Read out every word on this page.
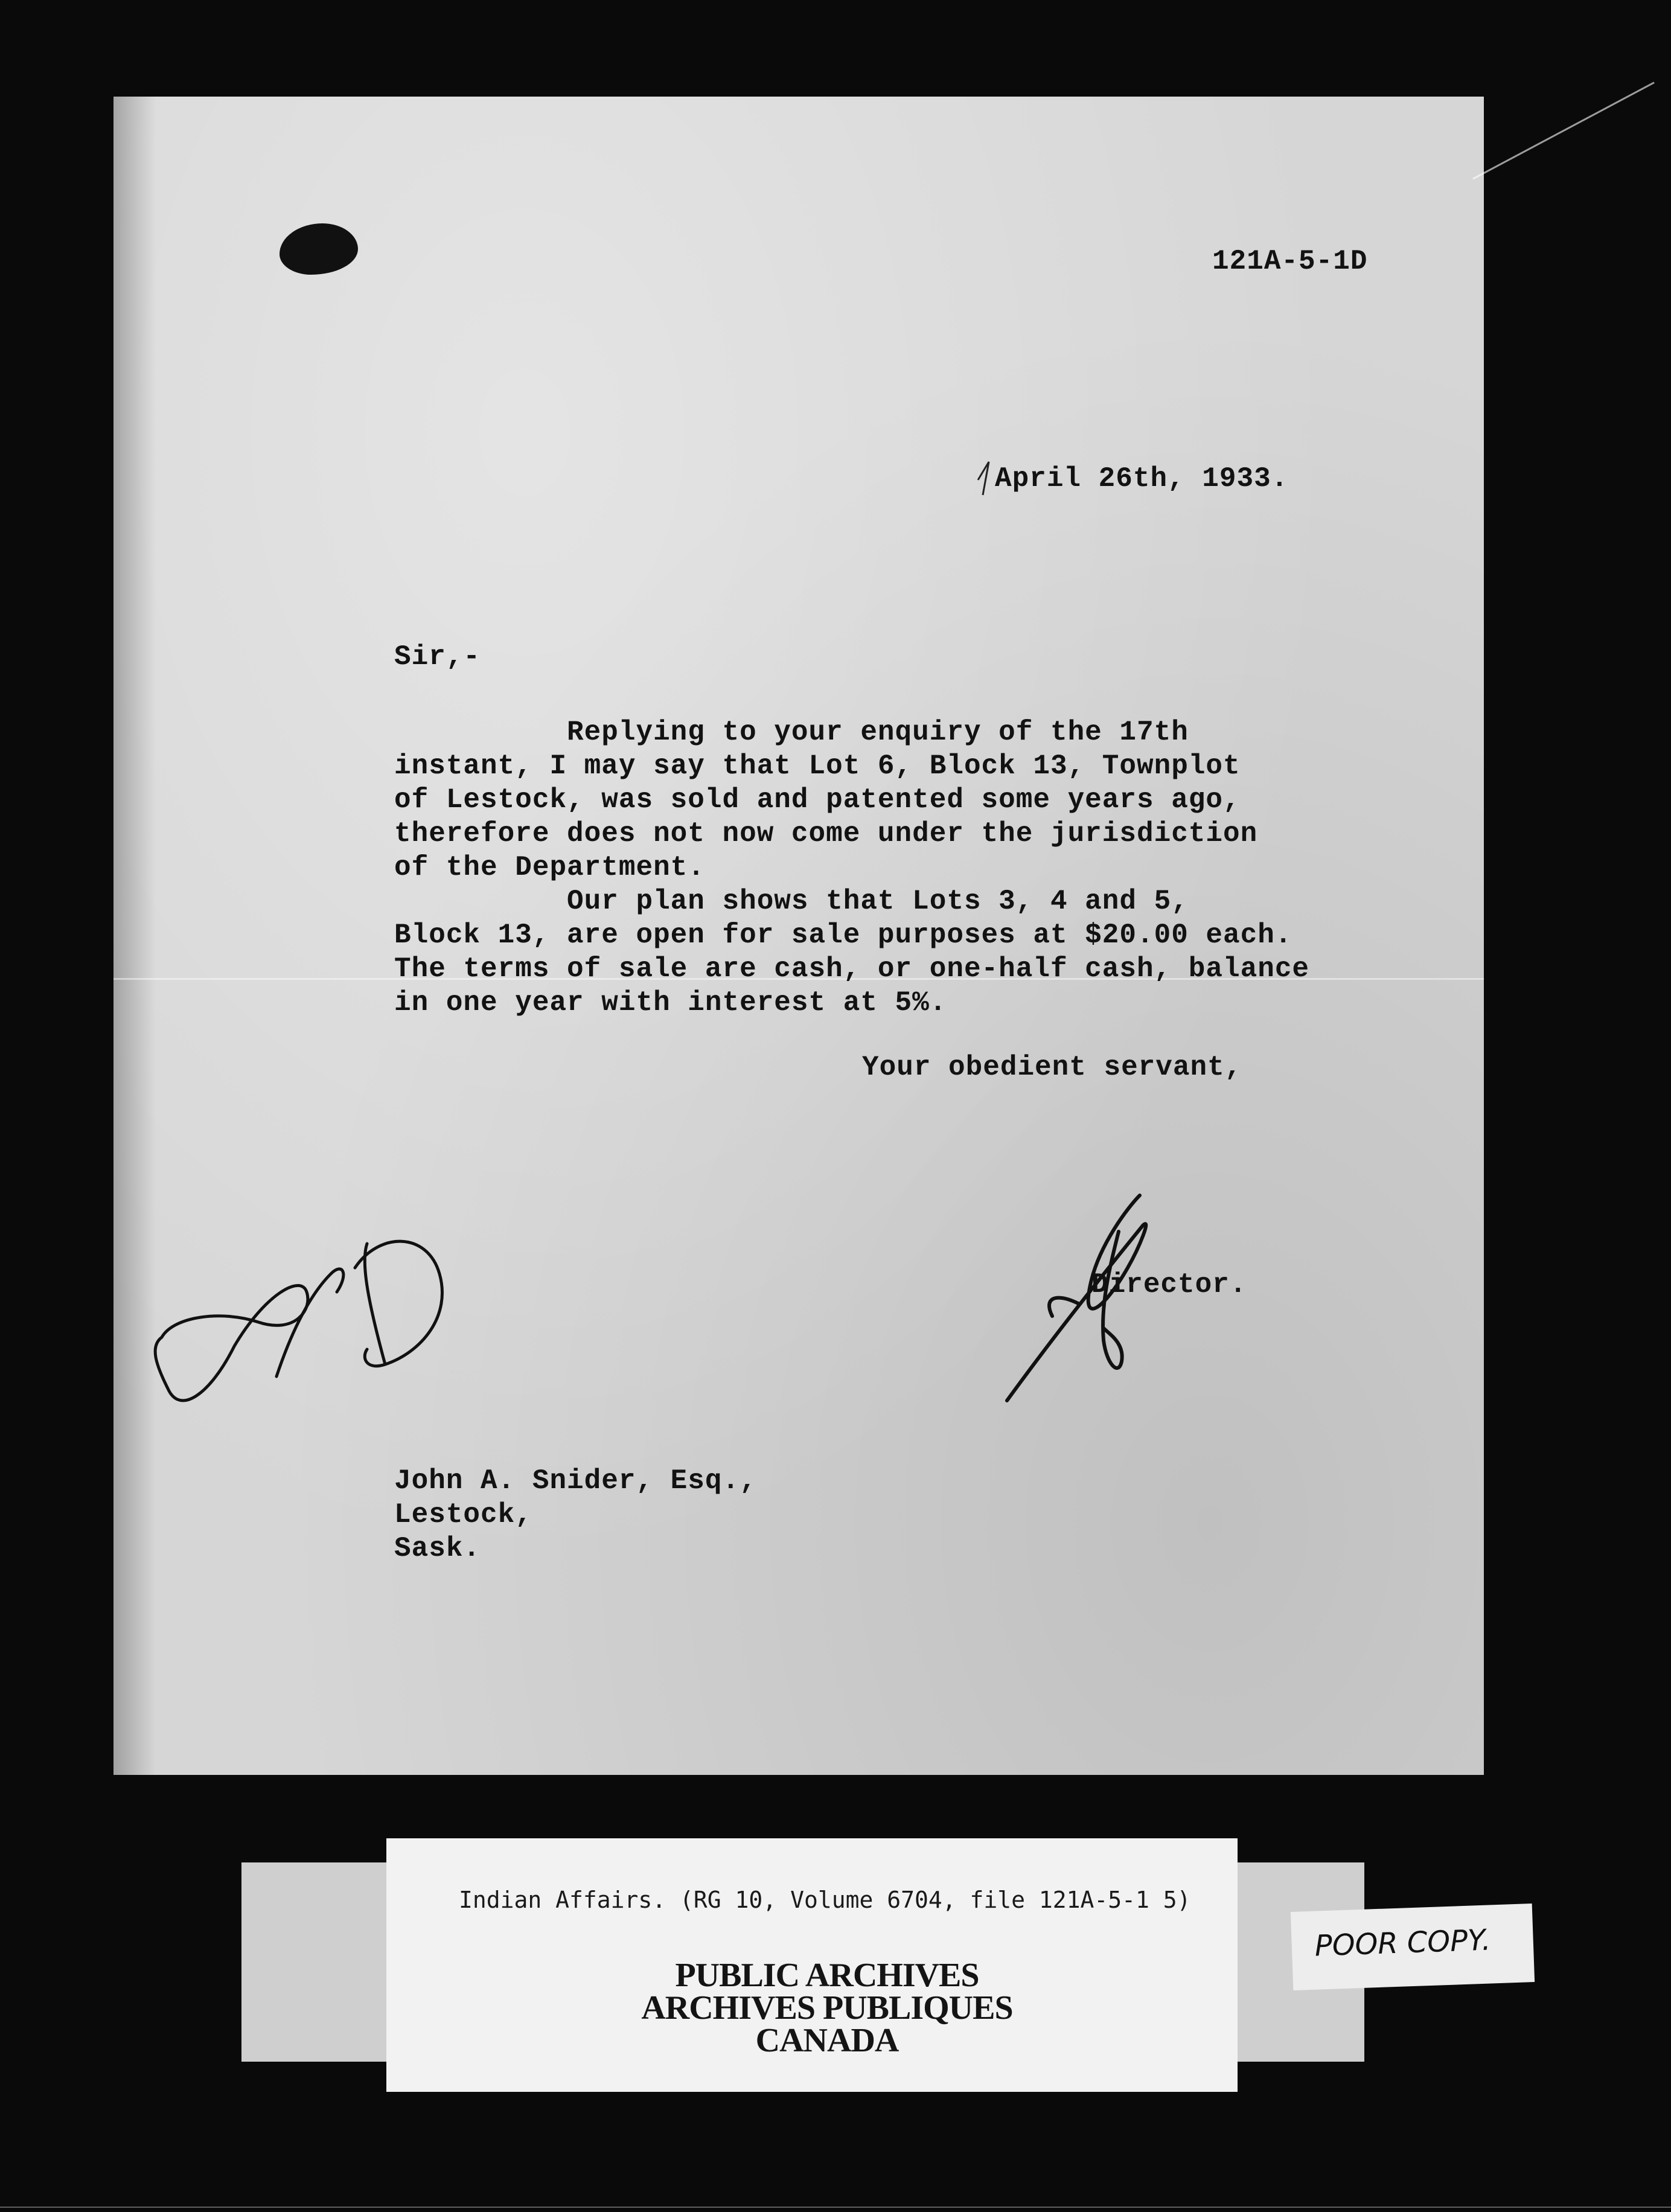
121A-5-1D
April 26th, 1933.
Sir,-
Replying to your enquiry of the 17th
instant, I may say that Lot 6, Block 13, Townplot
of Lestock, was sold and patented some years ago,
therefore does not now come under the jurisdiction
of the Department.
Our plan shows that Lots 3, 4 and 5,
Block 13, are open for sale purposes at $20.00 each.
The terms of sale are cash, or one-half cash, balance
in one year with interest at 5%.
Your obedient servant,
Director.
John A. Snider, Esq.,
Lestock,
Sask.
Indian Affairs. (RG 10, Volume 6704, file 121A-5-1 5)
PUBLIC ARCHIVES
ARCHIVES PUBLIQUES
CANADA
POOR COPY.
